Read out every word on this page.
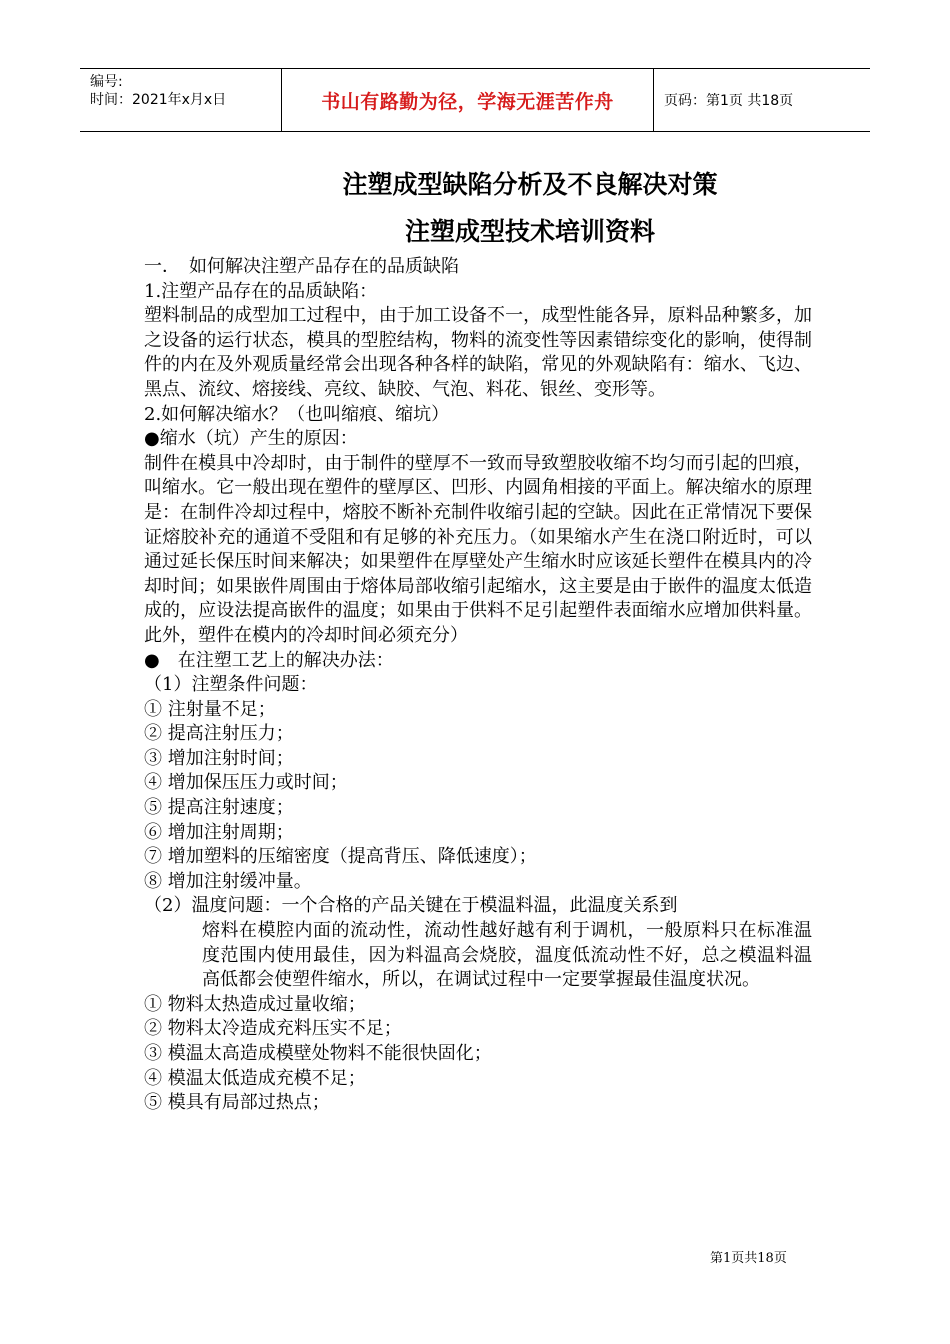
编号:
时间：2021年x月x日	书山有路勤为径，学海无涯苦作舟	页码：第1页 共18页
注塑成型缺陷分析及不良解决对策
注塑成型技术培训资料

一．　如何解决注塑产品存在的品质缺陷

1.注塑产品存在的品质缺陷：

塑料制品的成型加工过程中，由于加工设备不一，成型性能各异，原料品种繁多，加之设备的运行状态，模具的型腔结构，物料的流变性等因素错综变化的影响，使得制件的内在及外观质量经常会出现各种各样的缺陷，常见的外观缺陷有：缩水、飞边、黑点、流纹、熔接线、亮纹、缺胶、气泡、料花、银丝、变形等。

2.如何解决缩水？（也叫缩痕、缩坑）

●缩水（坑）产生的原因：

制件在模具中冷却时，由于制件的壁厚不一致而导致塑胶收缩不均匀而引起的凹痕，叫缩水。它一般出现在塑件的壁厚区、凹形、内圆角相接的平面上。解决缩水的原理是：在制件冷却过程中，熔胶不断补充制件收缩引起的空缺。因此在正常情况下要保证熔胶补充的通道不受阻和有足够的补充压力。（如果缩水产生在浇口附近时，可以通过延长保压时间来解决；如果塑件在厚壁处产生缩水时应该延长塑件在模具内的冷却时间；如果嵌件周围由于熔体局部收缩引起缩水，这主要是由于嵌件的温度太低造成的，应设法提高嵌件的温度；如果由于供料不足引起塑件表面缩水应增加供料量。此外，塑件在模内的冷却时间必须充分）

●　在注塑工艺上的解决办法：

（1）注塑条件问题：

① 注射量不足；

② 提高注射压力；

③ 增加注射时间；

④ 增加保压压力或时间；

⑤ 提高注射速度；

⑥ 增加注射周期；

⑦ 增加塑料的压缩密度（提高背压、降低速度）；

⑧ 增加注射缓冲量。

（2）温度问题：一个合格的产品关键在于模温料温，此温度关系到

熔料在模腔内面的流动性，流动性越好越有利于调机，一般原料只在标准温度范围内使用最佳，因为料温高会烧胶，温度低流动性不好，总之模温料温高低都会使塑件缩水，所以，在调试过程中一定要掌握最佳温度状况。

① 物料太热造成过量收缩；

② 物料太冷造成充料压实不足；

③ 模温太高造成模壁处物料不能很快固化；

④ 模温太低造成充模不足；

⑤ 模具有局部过热点；

第1页共18页
